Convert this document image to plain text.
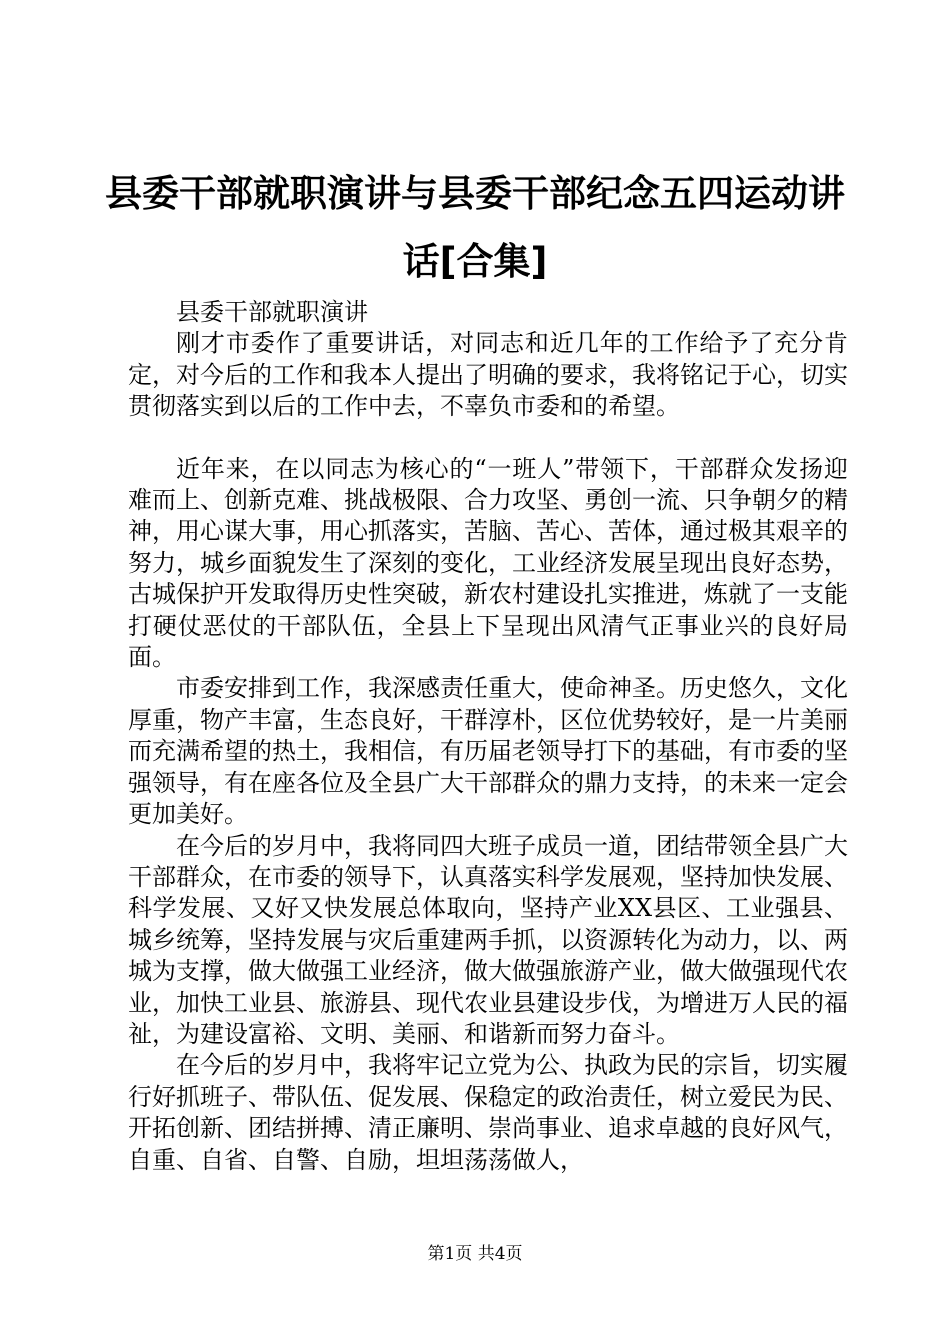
县委干部就职演讲与县委干部纪念五四运动讲
话[合集]

县委干部就职演讲

刚才市委作了重要讲话，对同志和近几年的工作给予了充分肯定，对今后的工作和我本人提出了明确的要求，我将铭记于心，切实贯彻落实到以后的工作中去，不辜负市委和的希望。

近年来，在以同志为核心的“一班人”带领下，干部群众发扬迎难而上、创新克难、挑战极限、合力攻坚、勇创一流、只争朝夕的精神，用心谋大事，用心抓落实，苦脑、苦心、苦体，通过极其艰辛的努力，城乡面貌发生了深刻的变化，工业经济发展呈现出良好态势，古城保护开发取得历史性突破，新农村建设扎实推进，炼就了一支能打硬仗恶仗的干部队伍，全县上下呈现出风清气正事业兴的良好局面。

市委安排到工作，我深感责任重大，使命神圣。历史悠久，文化厚重，物产丰富，生态良好，干群淳朴，区位优势较好，是一片美丽而充满希望的热土，我相信，有历届老领导打下的基础，有市委的坚强领导，有在座各位及全县广大干部群众的鼎力支持，的未来一定会更加美好。

在今后的岁月中，我将同四大班子成员一道，团结带领全县广大干部群众，在市委的领导下，认真落实科学发展观，坚持加快发展、科学发展、又好又快发展总体取向，坚持产业XX县区、工业强县、城乡统筹，坚持发展与灾后重建两手抓，以资源转化为动力，以、两城为支撑，做大做强工业经济，做大做强旅游产业，做大做强现代农业，加快工业县、旅游县、现代农业县建设步伐，为增进万人民的福祉，为建设富裕、文明、美丽、和谐新而努力奋斗。

在今后的岁月中，我将牢记立党为公、执政为民的宗旨，切实履行好抓班子、带队伍、促发展、保稳定的政治责任，树立爱民为民、开拓创新、团结拼搏、清正廉明、崇尚事业、追求卓越的良好风气，自重、自省、自警、自励，坦坦荡荡做人，

第1页 共4页
